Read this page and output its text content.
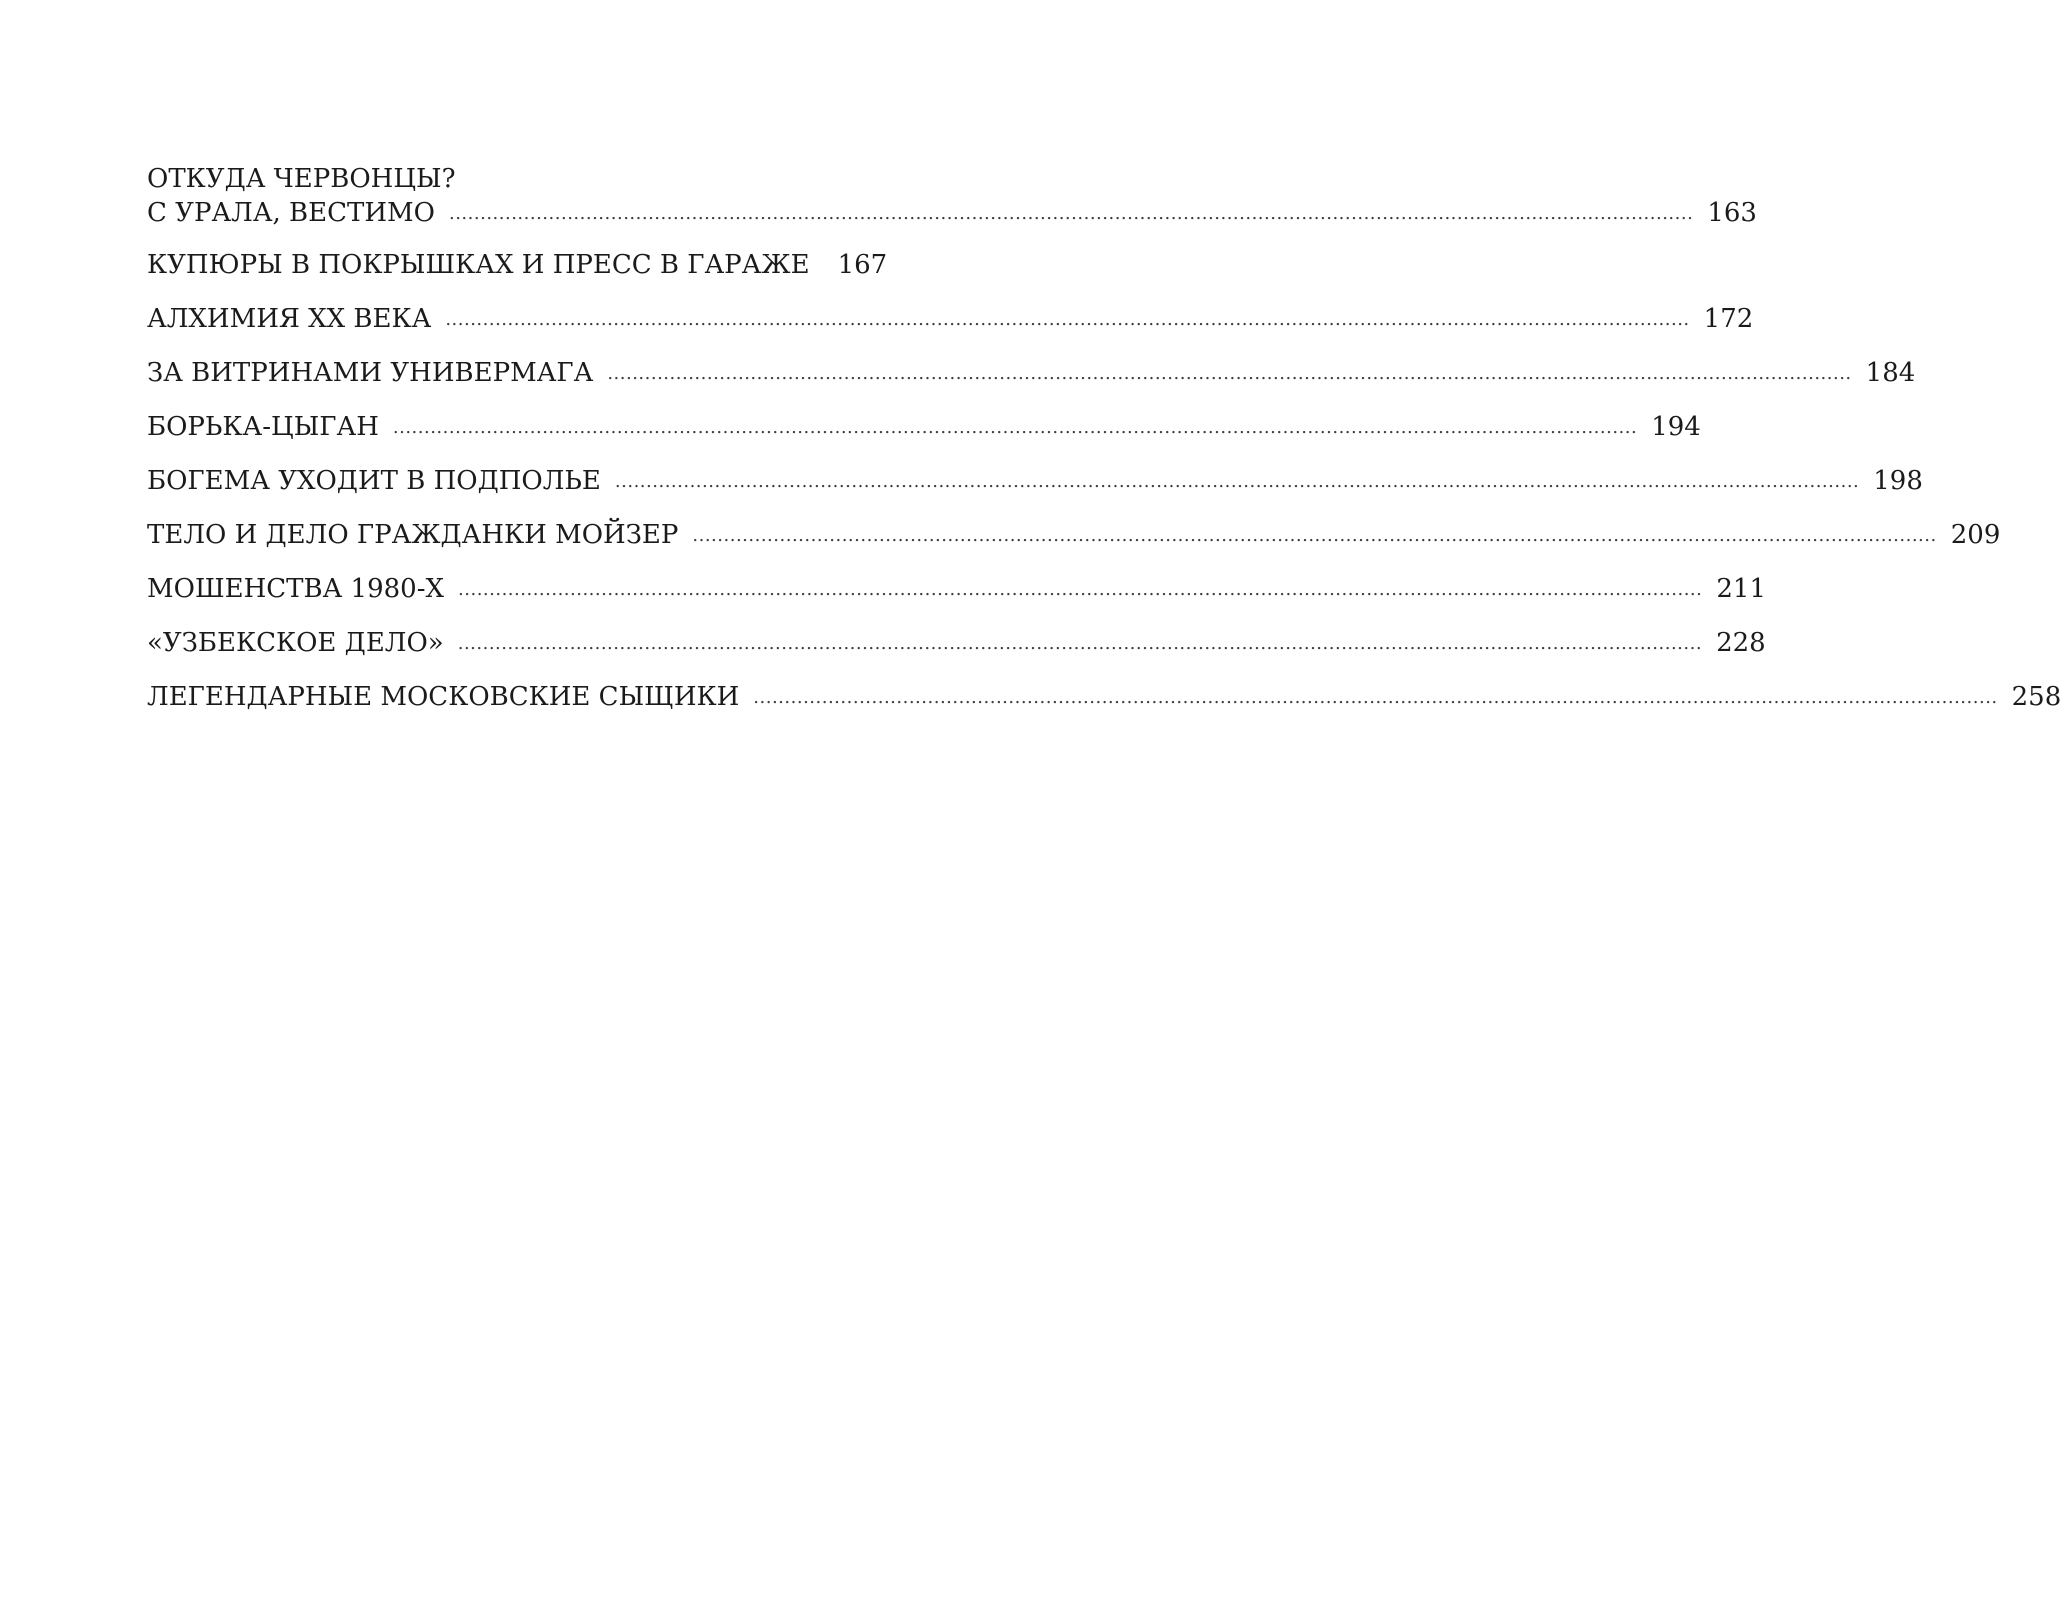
ОТКУДА ЧЕРВОНЦЫ?
С УРАЛА, ВЕСТИМО ........................................................................................................................................................................................................ 163
КУПЮРЫ В ПОКРЫШКАХ И ПРЕСС В ГАРАЖЕ 167
АЛХИМИЯ XX ВЕКА ........................................................................................................................................................................................................ 172
ЗА ВИТРИНАМИ УНИВЕРМАГА ........................................................................................................................................................................................................ 184
БОРЬКА-ЦЫГАН ........................................................................................................................................................................................................ 194
БОГЕМА УХОДИТ В ПОДПОЛЬЕ ........................................................................................................................................................................................................ 198
ТЕЛО И ДЕЛО ГРАЖДАНКИ МОЙЗЕР ........................................................................................................................................................................................................ 209
МОШЕНСТВА 1980-Х ........................................................................................................................................................................................................ 211
«УЗБЕКСКОЕ ДЕЛО» ........................................................................................................................................................................................................ 228
ЛЕГЕНДАРНЫЕ МОСКОВСКИЕ СЫЩИКИ ........................................................................................................................................................................................................ 258
